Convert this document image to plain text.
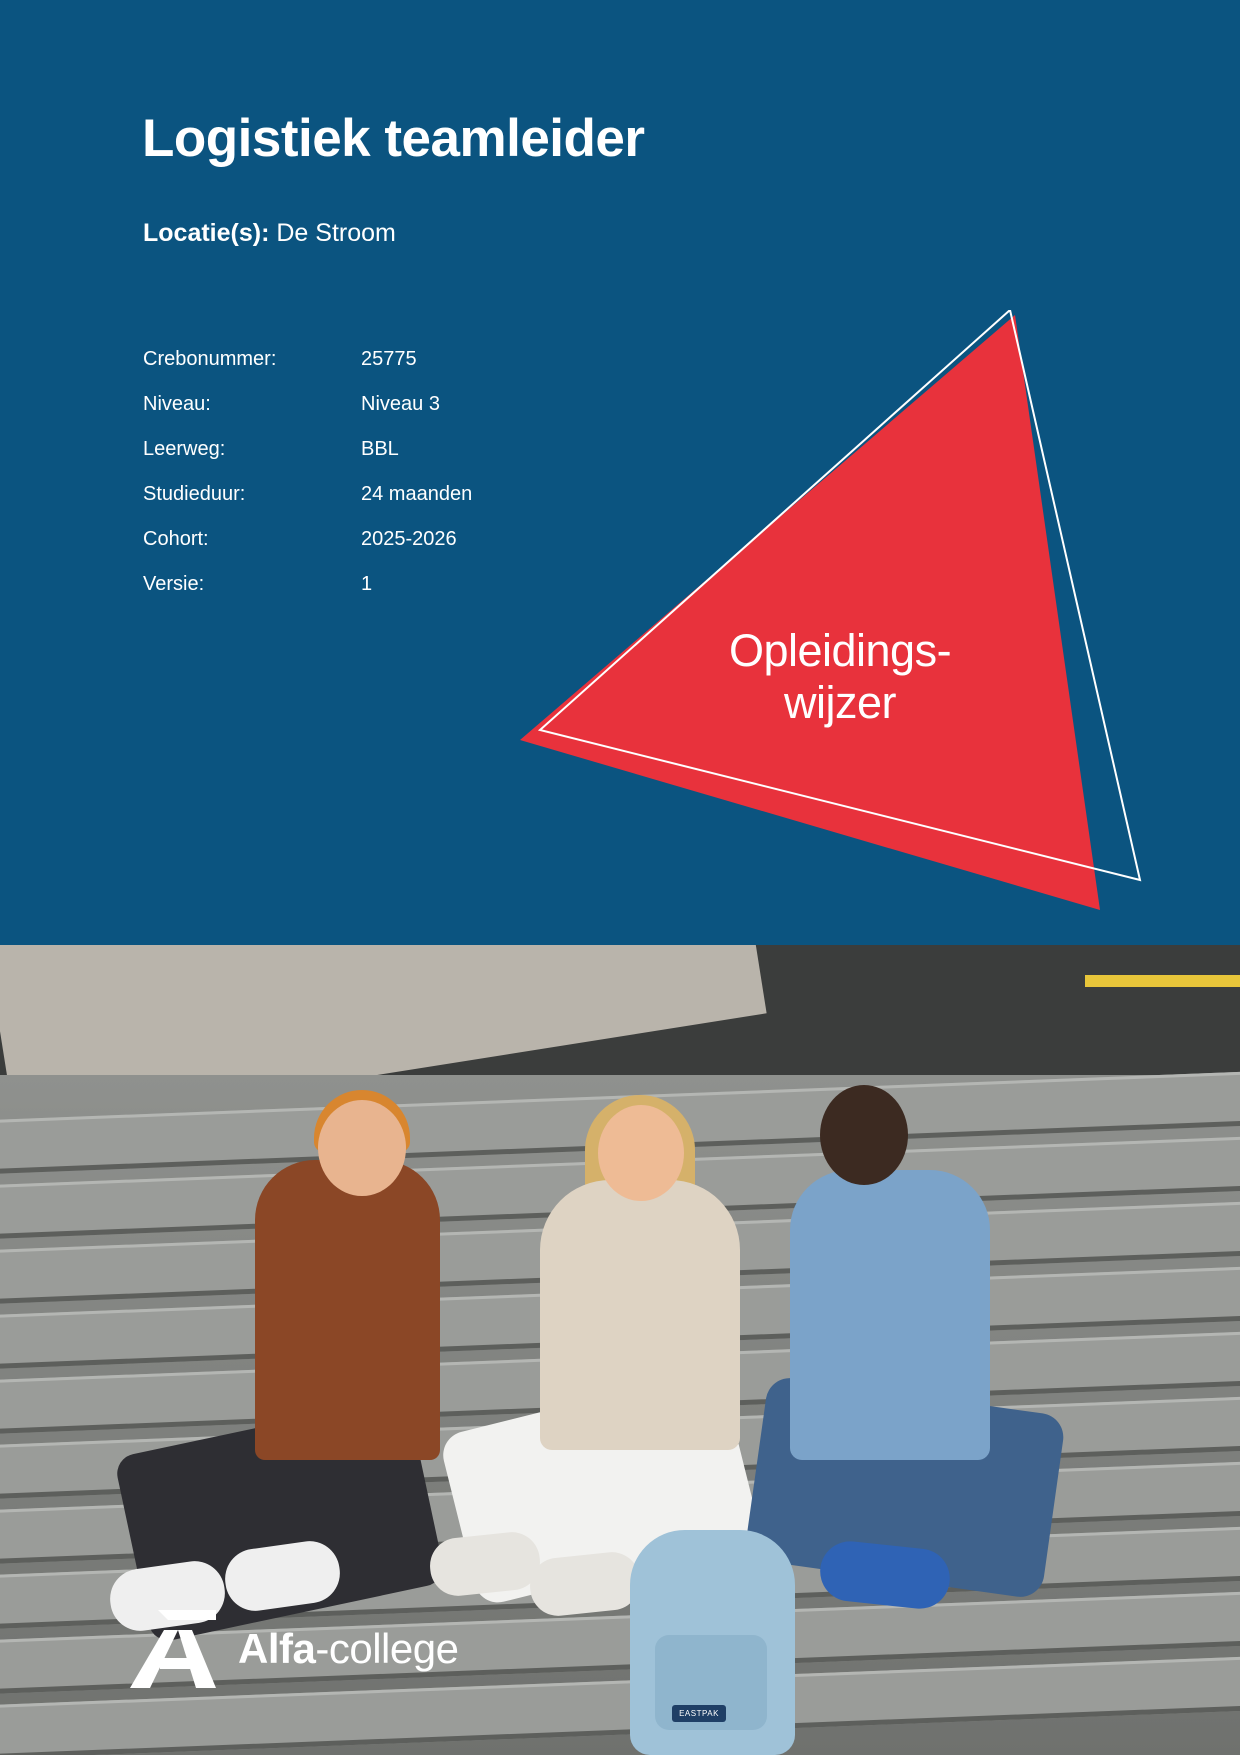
Logistiek teamleider
Locatie(s): De Stroom
Crebonummer:	25775
Niveau:	Niveau 3
Leerweg:	BBL
Studieduur:	24 maanden
Cohort:	2025-2026
Versie:	1
Opleidings-
wijzer
EASTPAK
Alfa-college
